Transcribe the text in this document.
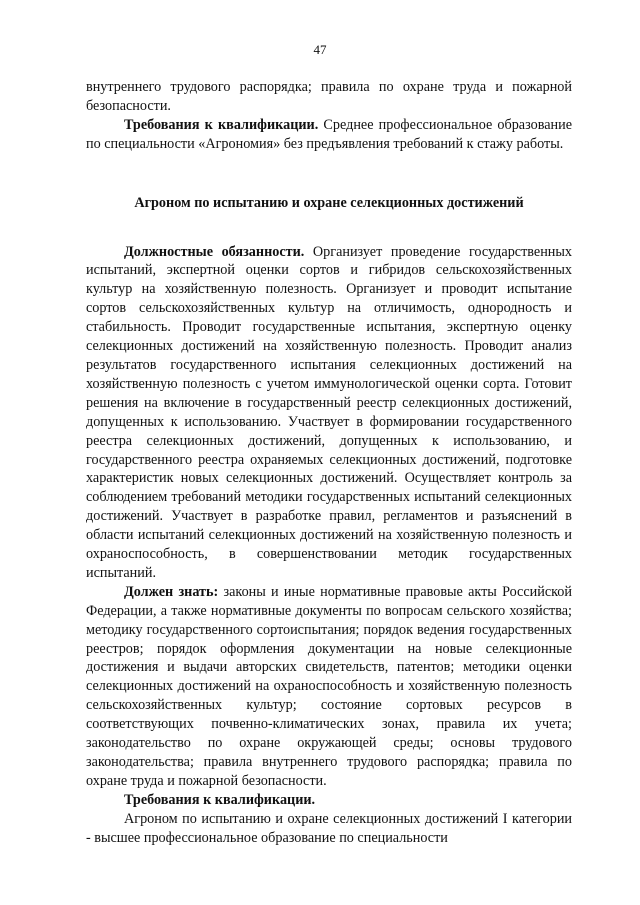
47

внутреннего трудового распорядка; правила по охране труда и пожарной безопасности.

Требования к квалификации. Среднее профессиональное образование по специальности «Агрономия» без предъявления требований к стажу работы.

Агроном по испытанию и охране селекционных достижений

Должностные обязанности. Организует проведение государственных испытаний, экспертной оценки сортов и гибридов сельскохозяйственных культур на хозяйственную полезность. Организует и проводит испытание сортов сельскохозяйственных культур на отличимость, однородность и стабильность. Проводит государственные испытания, экспертную оценку селекционных достижений на хозяйственную полезность. Проводит анализ результатов государственного испытания селекционных достижений на хозяйственную полезность с учетом иммунологической оценки сорта. Готовит решения на включение в государственный реестр селекционных достижений, допущенных к использованию. Участвует в формировании государственного реестра селекционных достижений, допущенных к использованию, и государственного реестра охраняемых селекционных достижений, подготовке характеристик новых селекционных достижений. Осуществляет контроль за соблюдением требований методики государственных испытаний селекционных достижений. Участвует в разработке правил, регламентов и разъяснений в области испытаний селекционных достижений на хозяйственную полезность и охраноспособность, в совершенствовании методик государственных испытаний.

Должен знать: законы и иные нормативные правовые акты Российской Федерации, а также нормативные документы по вопросам сельского хозяйства; методику государственного сортоиспытания; порядок ведения государственных реестров; порядок оформления документации на новые селекционные достижения и выдачи авторских свидетельств, патентов; методики оценки селекционных достижений на охраноспособность и хозяйственную полезность сельскохозяйственных культур; состояние сортовых ресурсов в соответствующих почвенно-климатических зонах, правила их учета; законодательство по охране окружающей среды; основы трудового законодательства; правила внутреннего трудового распорядка; правила по охране труда и пожарной безопасности.

Требования к квалификации.

Агроном по испытанию и охране селекционных достижений I категории - высшее профессиональное образование по специальности
